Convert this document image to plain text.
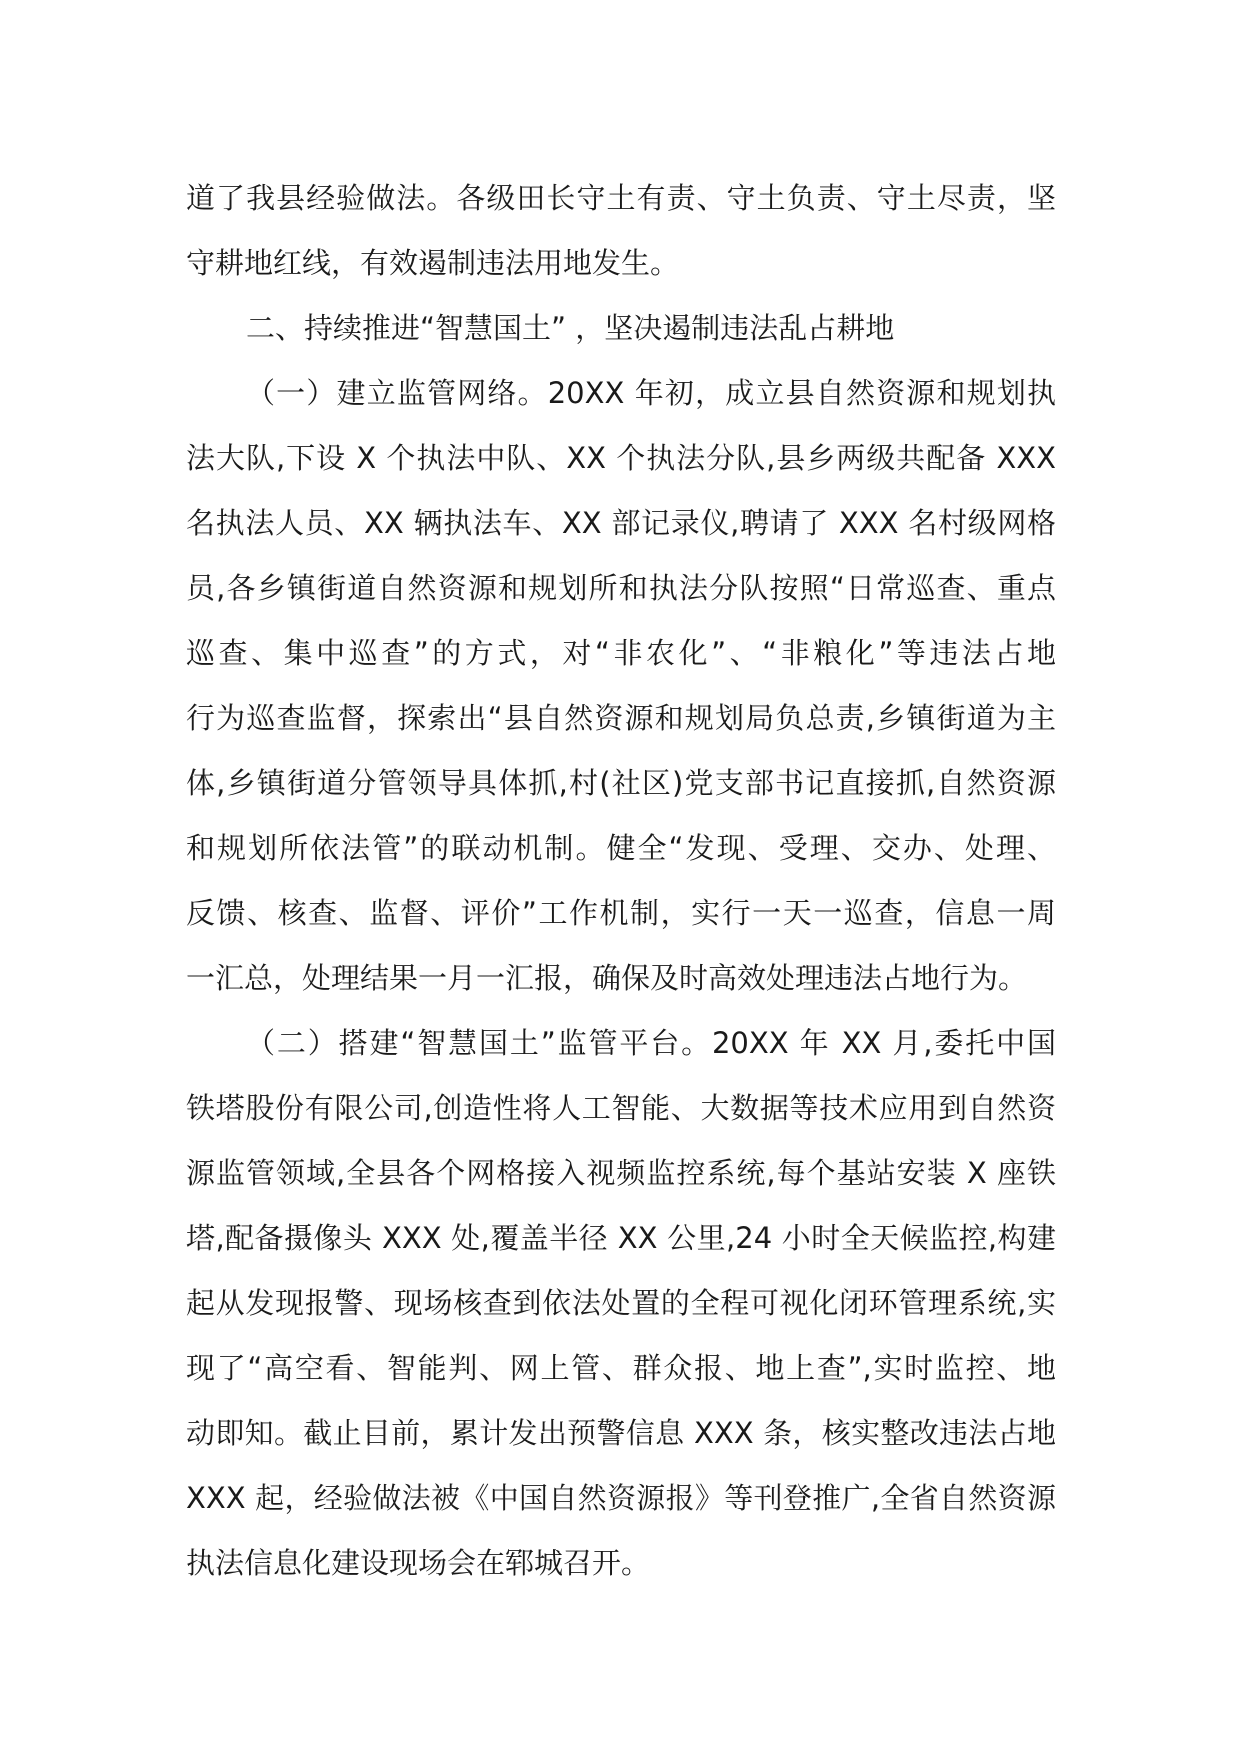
道了我县经验做法。各级田长守土有责、守土负责、守土尽责，坚
守耕地红线，有效遏制违法用地发生。
二、持续推进“智慧国土” ，坚决遏制违法乱占耕地
（一）建立监管网络。20XX 年初，成立县自然资源和规划执
法大队,下设 X 个执法中队、XX 个执法分队,县乡两级共配备 XXX
名执法人员、XX 辆执法车、XX 部记录仪,聘请了 XXX 名村级网格
员,各乡镇街道自然资源和规划所和执法分队按照“日常巡查、重点
巡查、集中巡查”的方式，对“非农化”、“非粮化”等违法占地
行为巡查监督，探索出“县自然资源和规划局负总责,乡镇街道为主
体,乡镇街道分管领导具体抓,村(社区)党支部书记直接抓,自然资源
和规划所依法管”的联动机制。健全“发现、受理、交办、处理、
反馈、核查、监督、评价”工作机制，实行一天一巡查，信息一周
一汇总，处理结果一月一汇报，确保及时高效处理违法占地行为。
（二）搭建“智慧国土”监管平台。20XX 年 XX 月,委托中国
铁塔股份有限公司,创造性将人工智能、大数据等技术应用到自然资
源监管领域,全县各个网格接入视频监控系统,每个基站安装 X 座铁
塔,配备摄像头 XXX 处,覆盖半径 XX 公里,24 小时全天候监控,构建
起从发现报警、现场核查到依法处置的全程可视化闭环管理系统,实
现了“高空看、智能判、网上管、群众报、地上查”,实时监控、地
动即知。截止目前，累计发出预警信息 XXX 条，核实整改违法占地
XXX 起，经验做法被《中国自然资源报》等刊登推广,全省自然资源
执法信息化建设现场会在郓城召开。
